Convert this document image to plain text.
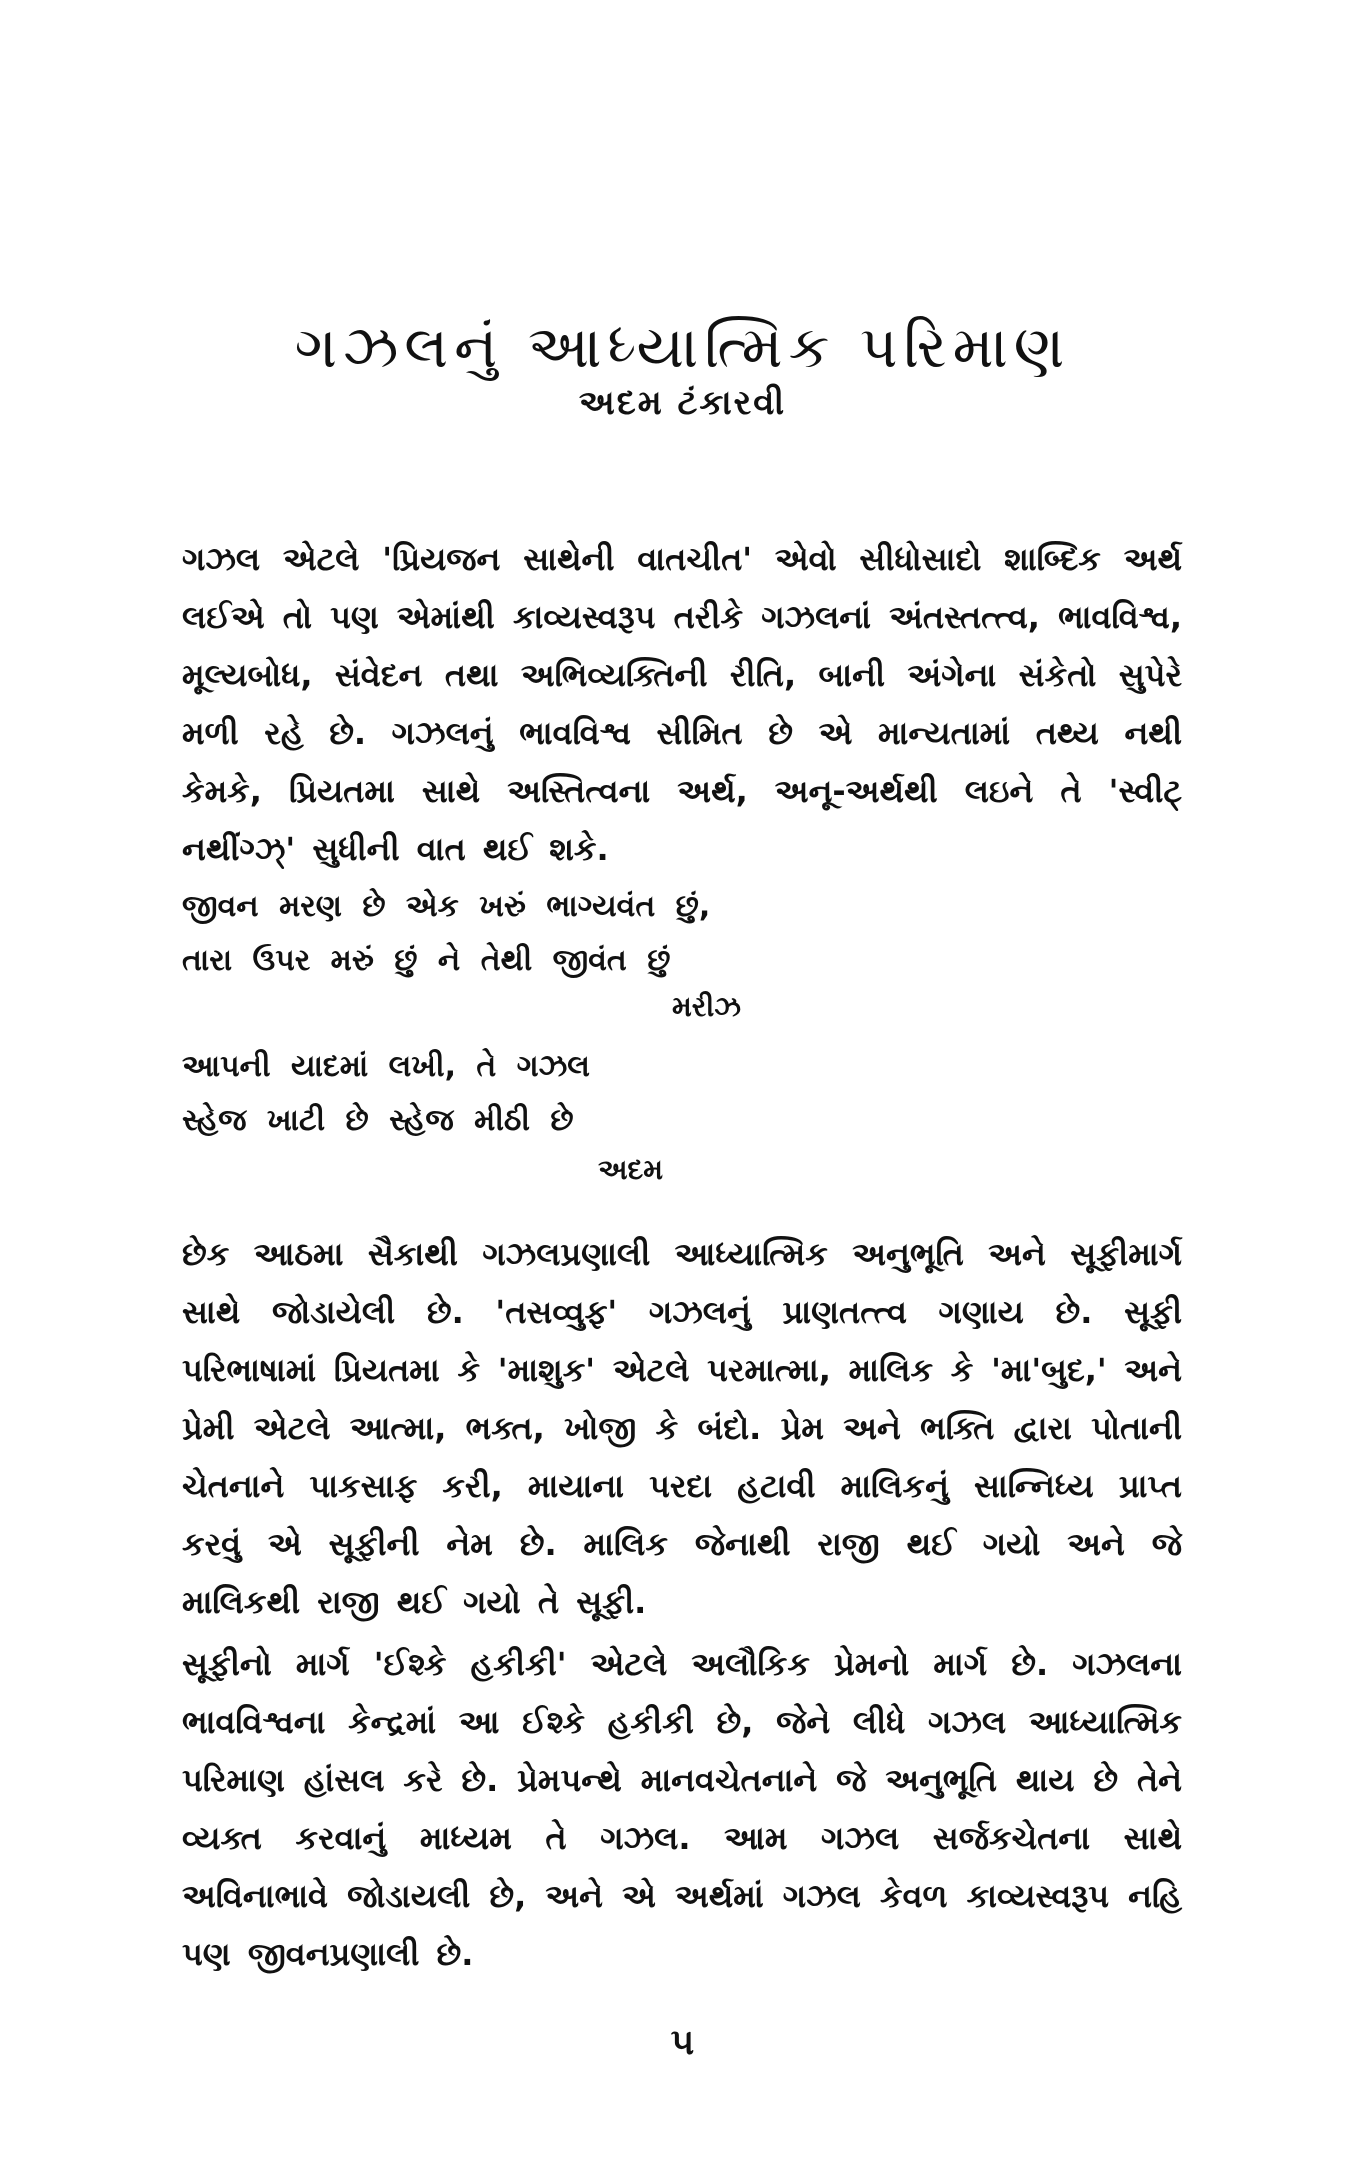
ગઝલનું આધ્યાત્મિક પરિમાણ
અદમ ટંકારવી

ગઝલ એટલે 'પ્રિયજન સાથેની વાતચીત' એવો સીધોસાદો શાબ્દિક અર્થ લઈએ તો પણ એમાંથી કાવ્યસ્વરૂપ તરીકે ગઝલનાં અંતસ્તત્ત્વ, ભાવવિશ્વ, મૂલ્યબોધ, સંવેદન તથા અભિવ્યક્તિની રીતિ, બાની અંગેના સંકેતો સુપેરે મળી રહે છે. ગઝલનું ભાવવિશ્વ સીમિત છે એ માન્યતામાં તથ્ય નથી કેમકે, પ્રિયતમા સાથે અસ્તિત્વના અર્થ, અનૂ-અર્થથી લઇને તે 'સ્વીટ્ નથીંગ્ઝ્' સુધીની વાત થઈ શકે.

જીવન મરણ છે એક ખરું ભાગ્યવંત છું,
તારા ઉપર મરું છું ને તેથી જીવંત છું
મરીઝ
આપની યાદમાં લખી, તે ગઝલ
સ્હેજ ખાટી છે સ્હેજ મીઠી છે
અદમ

છેક આઠમા સૈકાથી ગઝલપ્રણાલી આધ્યાત્મિક અનુભૂતિ અને સૂફીમાર્ગ સાથે જોડાયેલી છે. 'તસવ્વુફ' ગઝલનું પ્રાણતત્ત્વ ગણાય છે. સૂફી પરિભાષામાં પ્રિયતમા કે 'માશુક' એટલે પરમાત્મા, માલિક કે 'મા'બુદ,' અને પ્રેમી એટલે આત્મા, ભક્ત, ખોજી કે બંદો. પ્રેમ અને ભક્તિ દ્વારા પોતાની ચેતનાને પાકસાફ કરી, માયાના પરદા હટાવી માલિકનું સાન્નિધ્ય પ્રાપ્ત કરવું એ સૂફીની નેમ છે. માલિક જેનાથી રાજી થઈ ગયો અને જે માલિકથી રાજી થઈ ગયો તે સૂફી.

સૂફીનો માર્ગ 'ઈશ્કે હકીકી' એટલે અલૌકિક પ્રેમનો માર્ગ છે. ગઝલના ભાવવિશ્વના કેન્દ્રમાં આ ઈશ્કે હકીકી છે, જેને લીધે ગઝલ આધ્યાત્મિક પરિમાણ હાંસલ કરે છે. પ્રેમપન્થે માનવચેતનાને જે અનુભૂતિ થાય છે તેને વ્યક્ત કરવાનું માધ્યમ તે ગઝલ. આમ ગઝલ સર્જકચેતના સાથે અવિનાભાવે જોડાયલી છે, અને એ અર્થમાં ગઝલ કેવળ કાવ્યસ્વરૂપ નહિ પણ જીવનપ્રણાલી છે.

૫
